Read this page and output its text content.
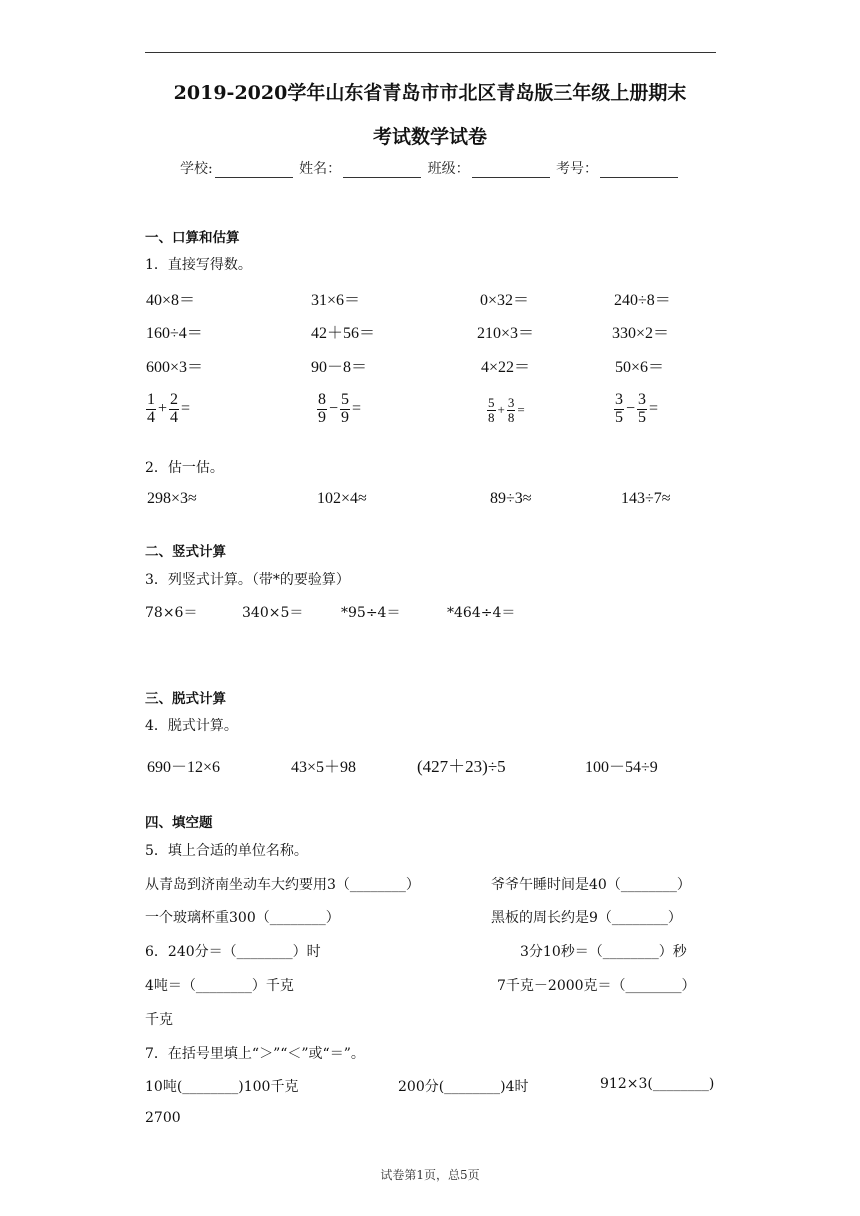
2019-2020学年山东省青岛市市北区青岛版三年级上册期末
考试数学试卷
学校:	姓名：	班级：	考号：
一、口算和估算
1．直接写得数。
40×8＝	31×6＝	0×32＝	240÷8＝
160÷4＝	42＋56＝	210×3＝	330×2＝
600×3＝	90－8＝	4×22＝	50×6＝
$\frac{1}{4} + \frac{2}{4}$ =	$\frac{8}{9} - \frac{5}{9}$ =	$\frac{5}{8} + \frac{3}{8}$ =	$\frac{3}{5} - \frac{3}{5}$ =
2．估一估。
298×3≈	102×4≈	89÷3≈	143÷7≈
二、竖式计算
3．列竖式计算。（带*的要验算）
78×6＝	340×5＝	*95÷4＝	*464÷4＝
三、脱式计算
4．脱式计算。
690－12×6	43×5＋98	(427＋23)÷5	100－54÷9
四、填空题
5．填上合适的单位名称。
从青岛到济南坐动车大约要用3（________）	爷爷午睡时间是40（________）
一个玻璃杯重300（________）	黑板的周长约是9（________）
6．240分＝（________）时	3分10秒＝（________）秒
4吨＝（________）千克	7千克－2000克＝（________）
千克
7．在括号里填上“＞”“＜”或“＝”。
10吨(________)100千克	200分(________)4时	912×3(________)
2700
试卷第1页，总5页
